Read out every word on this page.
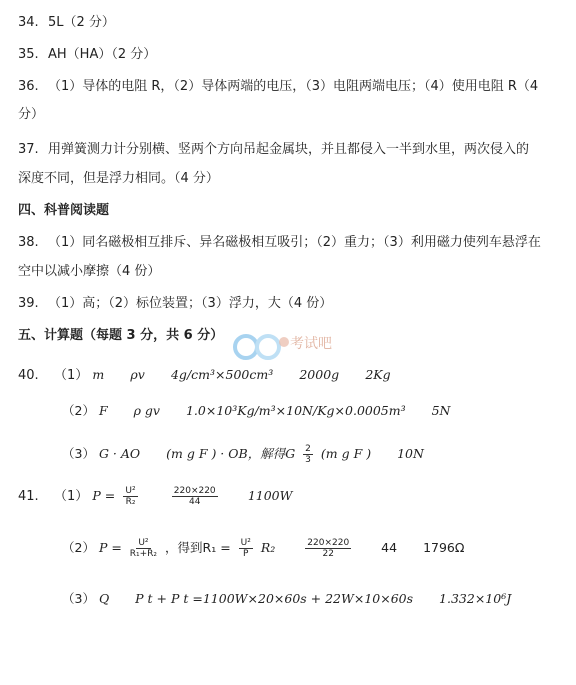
34. 5L（2 分）
35. AH（HA）（2 分）
36. （1）导体的电阻 R，（2）导体两端的电压，（3）电阻两端电压；（4）使用电阻 R（4
分）
37. 用弹簧测力计分别横、竖两个方向吊起金属块，并且都侵入一半到水里，两次侵入的
深度不同，但是浮力相同。（4 分）
四、科普阅读题
38. （1）同名磁极相互排斥、异名磁极相互吸引；（2）重力；（3）利用磁力使列车悬浮在
空中以减小摩擦（4 份）
39. （1）高；（2）标位装置；（3）浮力，大（4 份）
五、计算题（每题 3 分，共 6 分）
考试吧
40. （1） m ρv 4g/cm³×500cm³ 2000g 2Kg
（2） F ρ gv 1.0×10³Kg/m³×10N/Kg×0.0005m³ 5N
（3） G · AO (m g F ) · OB，解得G $\frac{2}{3} (m$ g F ) 10N
41. （1） $P = \frac{\text{U²}}{\text{R₂}}$
	$\frac{220\times 220}{44} 1100W$
（2） $P = \frac{\text{U²}}{\text{R₁+R₂}}$ ，得到$R_1 = \frac{\text{U²}}{P} R_2$	$\frac{220\times 220}{22} 44$ 1796Ω
（3） Q P t + P t =1100W×20×60s + 22W×10×60s 1.332×10⁶J
